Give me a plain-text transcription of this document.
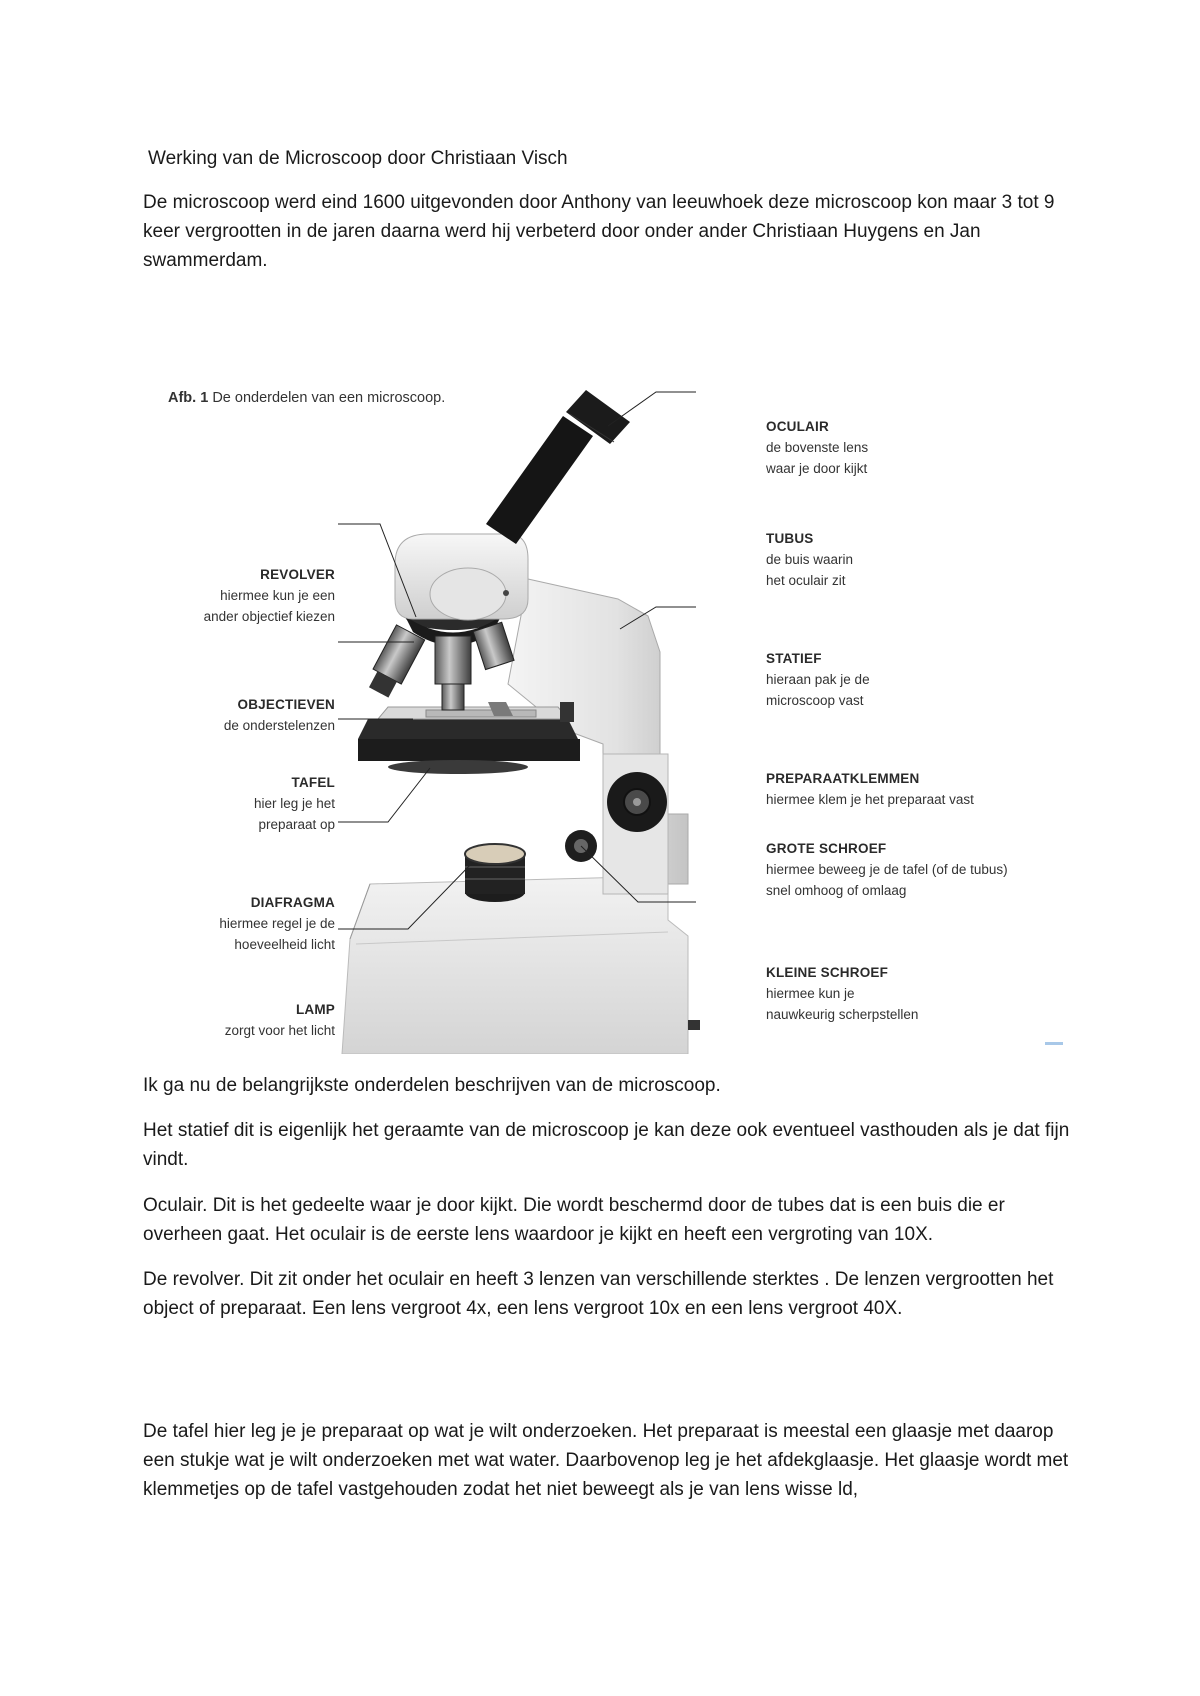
Werking van de Microscoop door Christiaan Visch

De microscoop werd eind 1600 uitgevonden door Anthony van leeuwhoek deze microscoop kon maar 3 tot 9 keer vergrootten in de jaren daarna werd hij verbeterd door onder ander Christiaan Huygens en Jan swammerdam.

Afb. 1 De onderdelen van een microscoop.
REVOLVER
hiermee kun je een
ander objectief kiezen
OBJECTIEVEN
de onderstelenzen
TAFEL
hier leg je het
preparaat op
DIAFRAGMA
hiermee regel je de
hoeveelheid licht
LAMP
zorgt voor het licht
OCULAIR
de bovenste lens
waar je door kijkt
TUBUS
de buis waarin
het oculair zit
STATIEF
hieraan pak je de
microscoop vast
PREPARAATKLEMMEN
hiermee klem je het preparaat vast
GROTE SCHROEF
hiermee beweeg je de tafel (of de tubus)
snel omhoog of omlaag
KLEINE SCHROEF
hiermee kun je
nauwkeurig scherpstellen

Ik ga nu de belangrijkste onderdelen beschrijven van de microscoop.

Het statief dit is eigenlijk het geraamte van de microscoop je kan deze ook eventueel vasthouden als je dat fijn vindt.

Oculair. Dit is het gedeelte waar je door kijkt. Die wordt beschermd door de tubes dat is een buis die er overheen gaat. Het oculair is de eerste lens waardoor je kijkt en heeft een vergroting van 10X.

De revolver. Dit zit onder het oculair en heeft 3 lenzen van verschillende sterktes . De lenzen vergrootten het object of preparaat. Een lens vergroot 4x, een lens vergroot 10x en een lens vergroot 40X.

De tafel hier leg je je preparaat op wat je wilt onderzoeken. Het preparaat is meestal een glaasje met daarop een stukje wat je wilt onderzoeken met wat water. Daarbovenop leg je het afdekglaasje. Het glaasje wordt met klemmetjes op de tafel vastgehouden zodat het niet beweegt als je van lens wisse ld,
